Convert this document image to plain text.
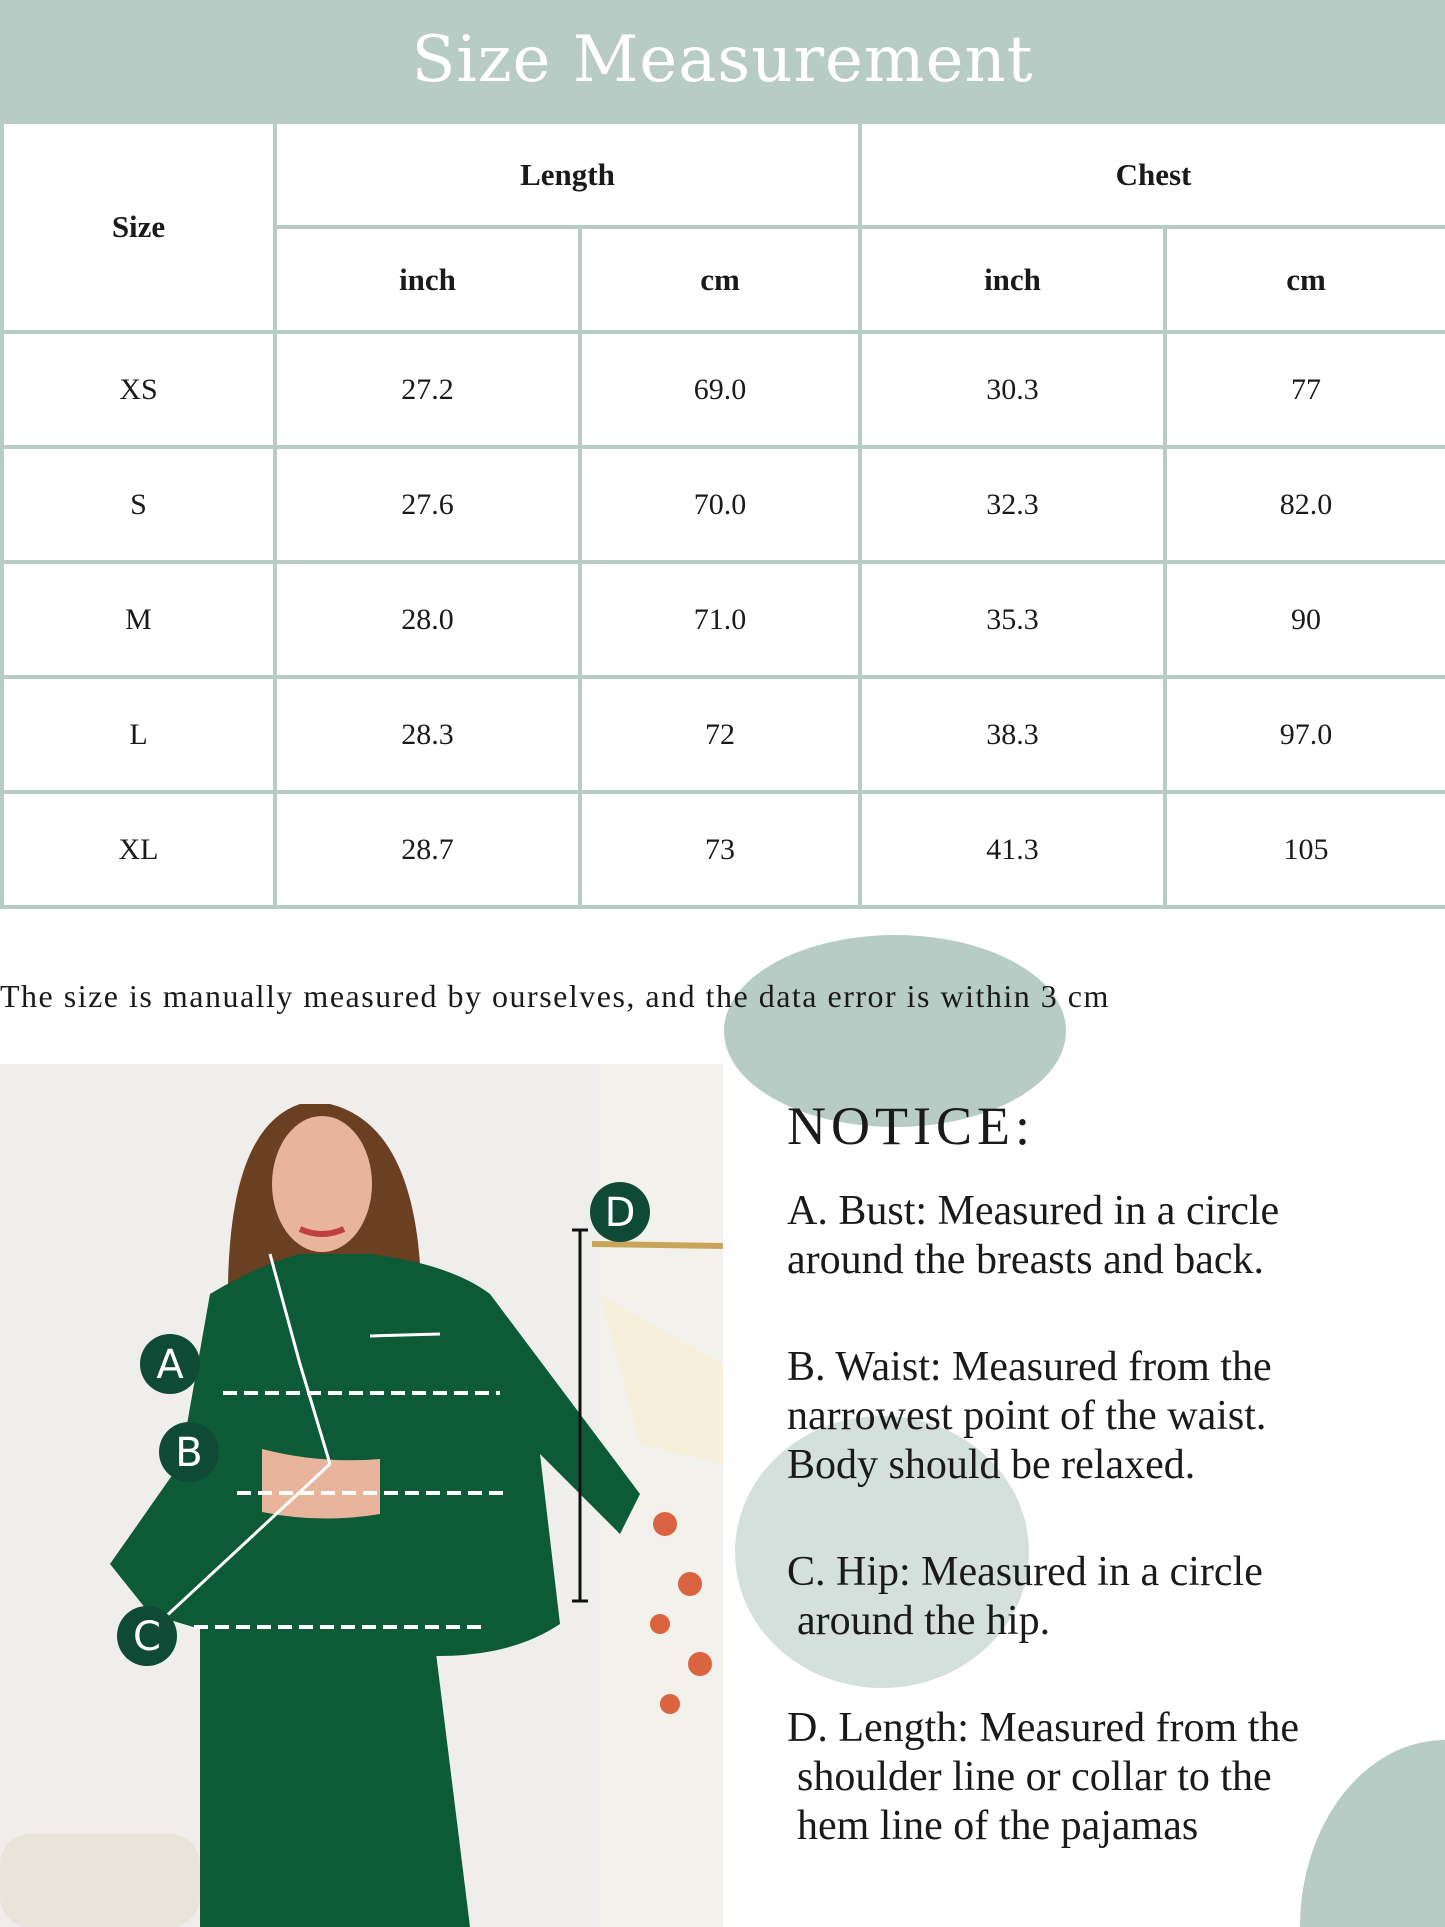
Size Measurement
Size	Length		Chest	
	inch	cm	inch	cm
XS	27.2	69.0	30.3	77
S	27.6	70.0	32.3	82.0
M	28.0	71.0	35.3	90
L	28.3	72	38.3	97.0
XL	28.7	73	41.3	105
The size is manually measured by ourselves, and the data error is within 3 cm
A
B
C
D
NOTICE:

A. Bust: Measured in a circle
around the breasts and back.

B. Waist: Measured from the
narrowest point of the waist.
Body should be relaxed.

C. Hip: Measured in a circle
around the hip.

D. Length: Measured from the
shoulder line or collar to the
hem line of the pajamas
